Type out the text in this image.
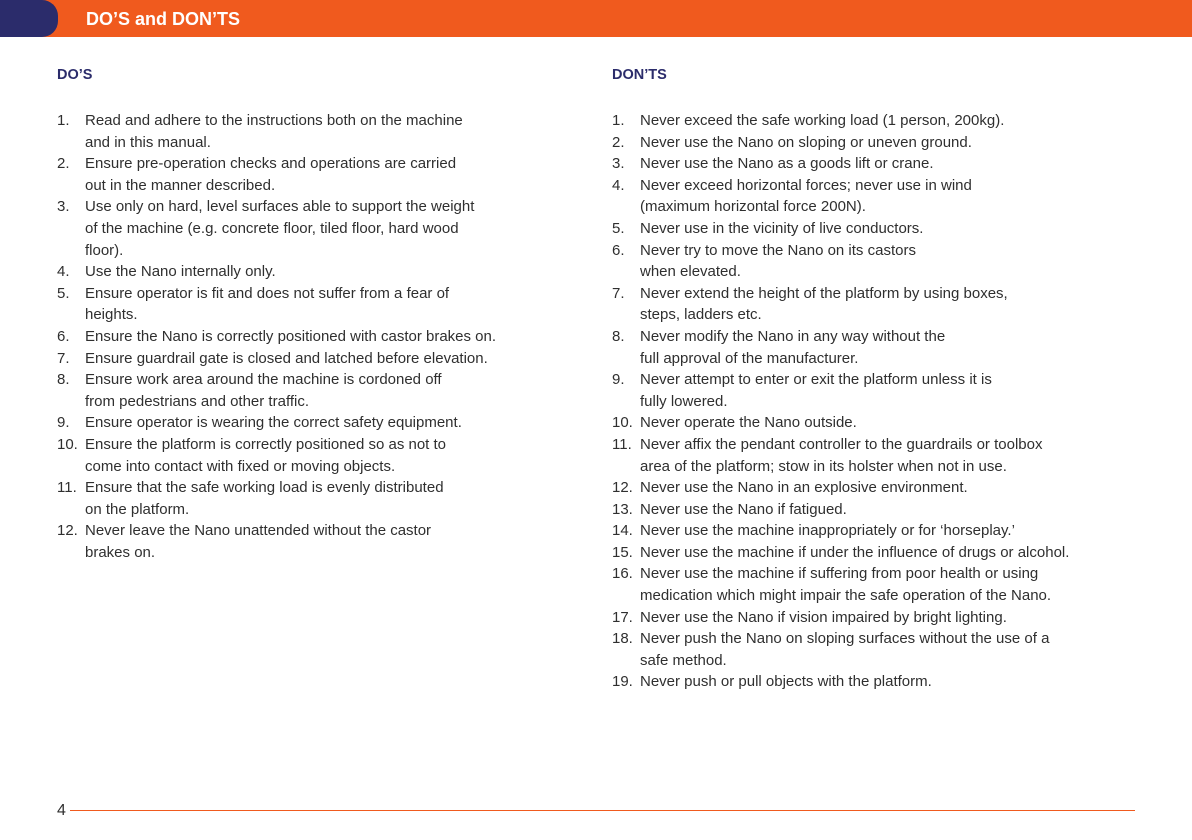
DO’S and DON’TS
DO’S
1.	Read and adhere to the instructions both on the machine
and in this manual.
2.	Ensure pre-operation checks and operations are carried
out in the manner described.
3.	Use only on hard, level surfaces able to support the weight
of the machine (e.g. concrete floor, tiled floor, hard wood
floor).
4.	Use the Nano internally only.
5.	Ensure operator is fit and does not suffer from a fear of
heights.
6.	Ensure the Nano is correctly positioned with castor brakes on.
7.	Ensure guardrail gate is closed and latched before elevation.
8.	Ensure work area around the machine is cordoned off
from pedestrians and other traffic.
9.	Ensure operator is wearing the correct safety equipment.
10. Ensure the platform is correctly positioned so as not to
come into contact with fixed or moving objects.
11. Ensure that the safe working load is evenly distributed
on the platform.
12. Never leave the Nano unattended without the castor
brakes on.
DON’TS
1.	Never exceed the safe working load (1 person, 200kg).
2.	Never use the Nano on sloping or uneven ground.
3.	Never use the Nano as a goods lift or crane.
4.	Never exceed horizontal forces; never use in wind
(maximum horizontal force 200N).
5.	Never use in the vicinity of live conductors.
6.	Never try to move the Nano on its castors
when elevated.
7.	Never extend the height of the platform by using boxes,
steps, ladders etc.
8.	Never modify the Nano in any way without the
full approval of the manufacturer.
9.	Never attempt to enter or exit the platform unless it is
fully lowered.
10. Never operate the Nano outside.
11. Never affix the pendant controller to the guardrails or toolbox
area of the platform; stow in its holster when not in use.
12. Never use the Nano in an explosive environment.
13. Never use the Nano if fatigued.
14. Never use the machine inappropriately or for ‘horseplay.’
15. Never use the machine if under the influence of drugs or alcohol.
16. Never use the machine if suffering from poor health or using
medication which might impair the safe operation of the Nano.
17. Never use the Nano if vision impaired by bright lighting.
18. Never push the Nano on sloping surfaces without the use of a
safe method.
19. Never push or pull objects with the platform.
4
